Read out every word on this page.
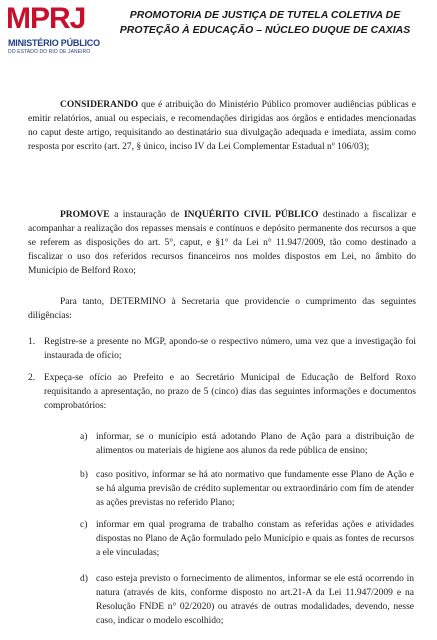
MPRJ
MINISTÉRIO PÚBLICO
DO ESTADO DO RIO DE JANEIRO
PROMOTORIA DE JUSTIÇA DE TUTELA COLETIVA DE
PROTEÇÃO À EDUCAÇÃO – NÚCLEO DUQUE DE CAXIAS
CONSIDERANDO que é atribuição do Ministério Público promover audiências públicas e emitir relatórios, anual ou especiais, e recomendações dirigidas aos órgãos e entidades mencionadas no caput deste artigo, requisitando ao destinatário sua divulgação adequada e imediata, assim como resposta por escrito (art. 27, § único, inciso IV da Lei Complementar Estadual nº 106/03);
PROMOVE a instauração de INQUÉRITO CIVIL PÚBLICO destinado a fiscalizar e acompanhar a realização dos repasses mensais e contínuos e depósito permanente dos recursos a que se referem as disposições do art. 5°, caput, e §1° da Lei n° 11.947/2009, tão como destinado a fiscalizar o uso dos referidos recursos financeiros nos moldes dispostos em Lei, no âmbito do Município de Belford Roxo;
Para tanto, DETERMINO à Secretaria que providencie o cumprimento das seguintes diligências:
1. Registre-se a presente no MGP, apondo-se o respectivo número, uma vez que a investigação foi instaurada de ofício;
2. Expeça-se ofício ao Prefeito e ao Secretário Municipal de Educação de Belford Roxo requisitando a apresentação, no prazo de 5 (cinco) dias das seguintes informações e documentos comprobatórios:
a) informar, se o município está adotando Plano de Ação para a distribuição de alimentos ou materiais de higiene aos alunos da rede pública de ensino;
b) caso positivo, informar se há ato normativo que fundamente esse Plano de Ação e se há alguma previsão de crédito suplementar ou extraordinário com fim de atender as ações previstas no referido Plano;
c) informar em qual programa de trabalho constam as referidas ações e atividades dispostas no Plano de Ação formulado pelo Município e quais as fontes de recursos a ele vinculadas;
d) caso esteja previsto o fornecimento de alimentos, informar se ele está ocorrendo in natura (através de kits, conforme disposto no art.21-A da Lei 11.947/2009 e na Resolução FNDE n° 02/2020) ou através de outras modalidades, devendo, nesse caso, indicar o modelo escolhido;
